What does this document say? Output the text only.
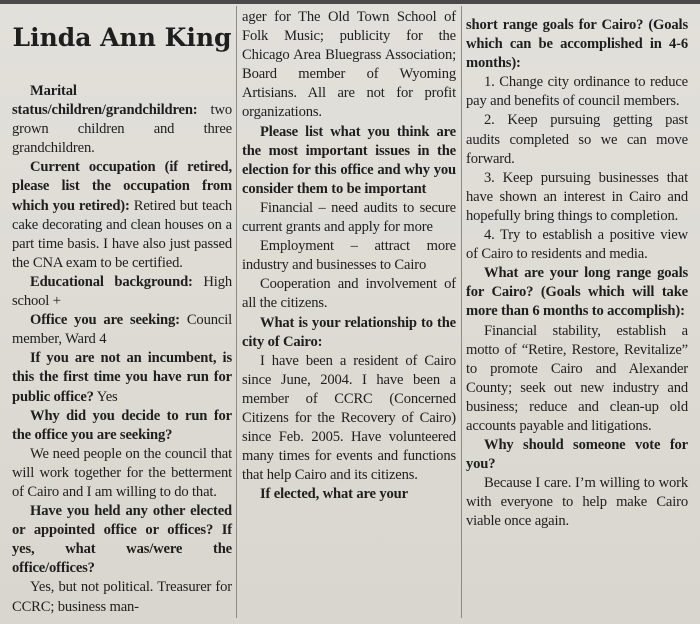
Linda Ann King
Marital status/children/grandchildren: two grown children and three grandchildren.
Current occupation (if retired, please list the occupation from which you retired): Retired but teach cake decorating and clean houses on a part time basis. I have also just passed the CNA exam to be certified.
Educational background: High school +
Office you are seeking: Council member, Ward 4
If you are not an incumbent, is this the first time you have run for public office? Yes
Why did you decide to run for the office you are seeking?
We need people on the council that will work together for the betterment of Cairo and I am willing to do that.
Have you held any other elected or appointed office or offices? If yes, what was/were the office/offices?
Yes, but not political. Treasurer for CCRC; business man-
ager for The Old Town School of Folk Music; publicity for the Chicago Area Bluegrass Association; Board member of Wyoming Artisians. All are not for profit organizations.
Please list what you think are the most important issues in the election for this office and why you consider them to be important
Financial – need audits to secure current grants and apply for more
Employment – attract more industry and businesses to Cairo
Cooperation and involvement of all the citizens.
What is your relationship to the city of Cairo:
I have been a resident of Cairo since June, 2004. I have been a member of CCRC (Concerned Citizens for the Recovery of Cairo) since Feb. 2005. Have volunteered many times for events and functions that help Cairo and its citizens.
If elected, what are your
short range goals for Cairo? (Goals which can be accomplished in 4-6 months):
1. Change city ordinance to reduce pay and benefits of council members.
2. Keep pursuing getting past audits completed so we can move forward.
3. Keep pursuing businesses that have shown an interest in Cairo and hopefully bring things to completion.
4. Try to establish a positive view of Cairo to residents and media.
What are your long range goals for Cairo? (Goals which will take more than 6 months to accomplish):
Financial stability, establish a motto of “Retire, Restore, Revitalize” to promote Cairo and Alexander County; seek out new industry and business; reduce and clean-up old accounts payable and litigations.
Why should someone vote for you?
Because I care. I’m willing to work with everyone to help make Cairo viable once again.
